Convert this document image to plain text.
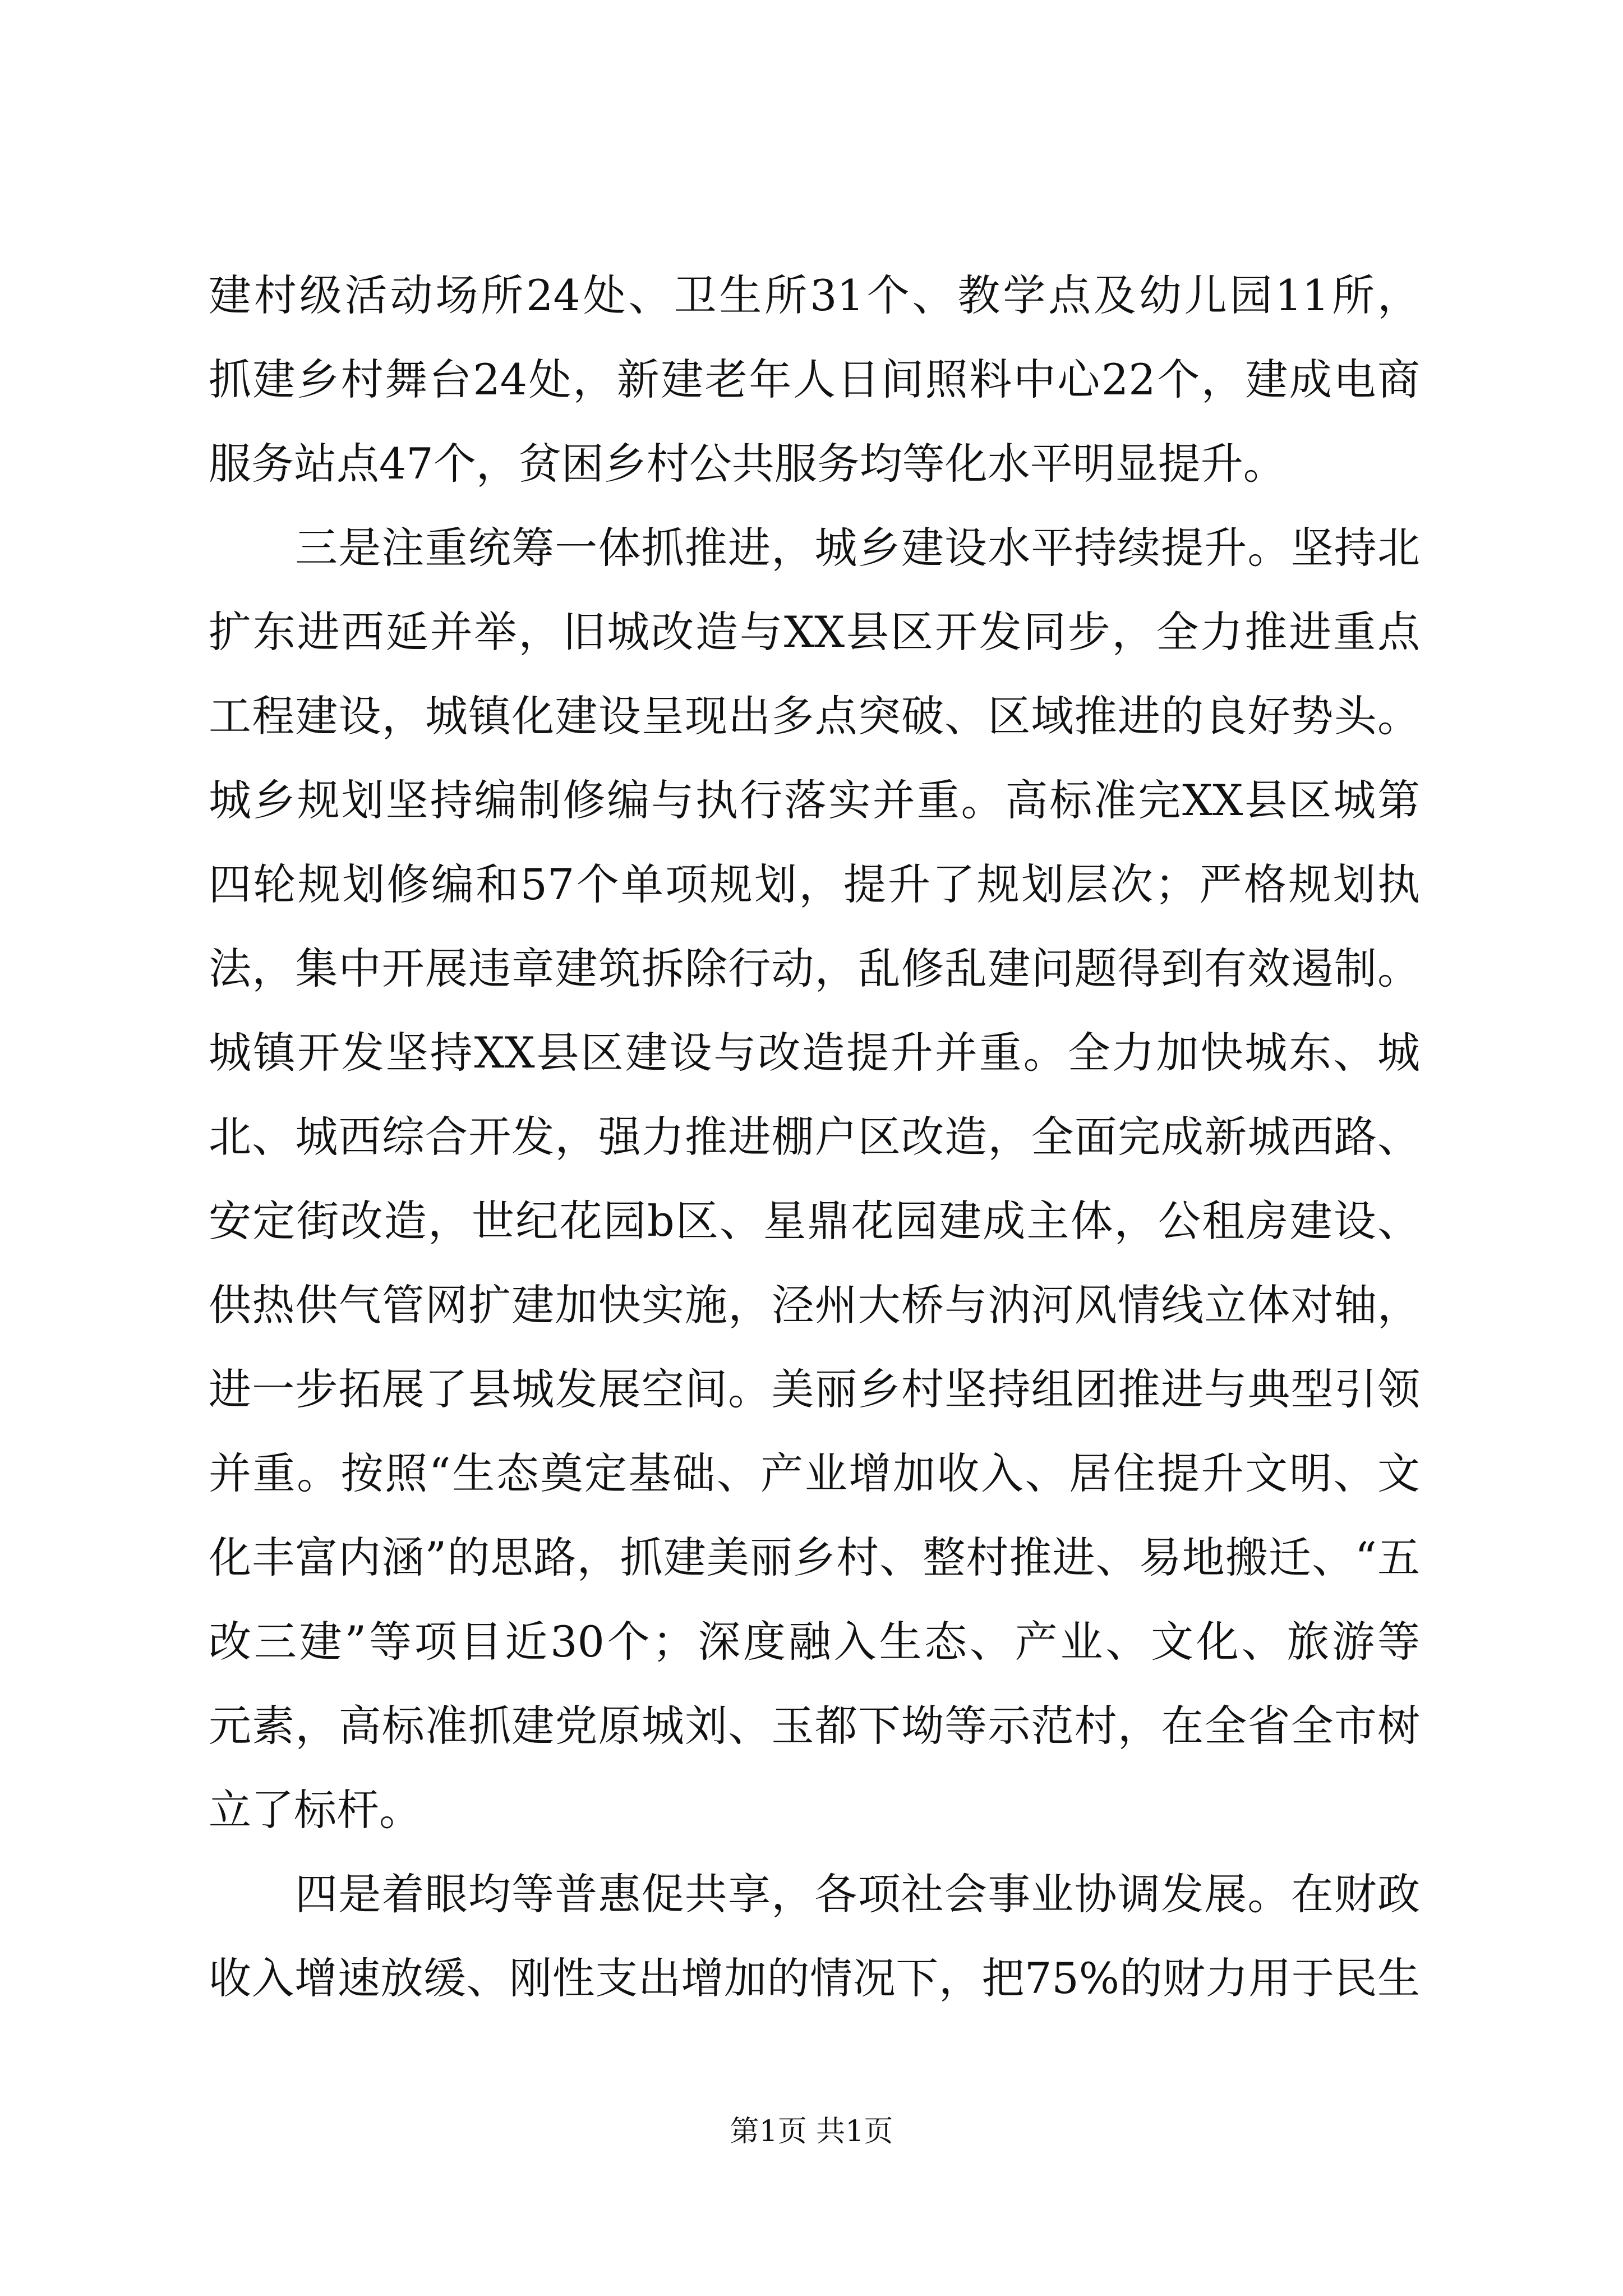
建村级活动场所24处、卫生所31个、教学点及幼儿园11所，
抓建乡村舞台24处，新建老年人日间照料中心22个，建成电商
服务站点47个，贫困乡村公共服务均等化水平明显提升。
三是注重统筹一体抓推进，城乡建设水平持续提升。坚持北
扩东进西延并举，旧城改造与XX县区开发同步，全力推进重点
工程建设，城镇化建设呈现出多点突破、区域推进的良好势头。
城乡规划坚持编制修编与执行落实并重。高标准完XX县区城第
四轮规划修编和57个单项规划，提升了规划层次；严格规划执
法，集中开展违章建筑拆除行动，乱修乱建问题得到有效遏制。
城镇开发坚持XX县区建设与改造提升并重。全力加快城东、城
北、城西综合开发，强力推进棚户区改造，全面完成新城西路、
安定街改造，世纪花园b区、星鼎花园建成主体，公租房建设、
供热供气管网扩建加快实施，泾州大桥与汭河风情线立体对轴，
进一步拓展了县城发展空间。美丽乡村坚持组团推进与典型引领
并重。按照“生态奠定基础、产业增加收入、居住提升文明、文
化丰富内涵”的思路，抓建美丽乡村、整村推进、易地搬迁、“五
改三建”等项目近30个；深度融入生态、产业、文化、旅游等
元素，高标准抓建党原城刘、玉都下坳等示范村，在全省全市树
立了标杆。
四是着眼均等普惠促共享，各项社会事业协调发展。在财政
收入增速放缓、刚性支出增加的情况下，把75%的财力用于民生
第1页 共1页
